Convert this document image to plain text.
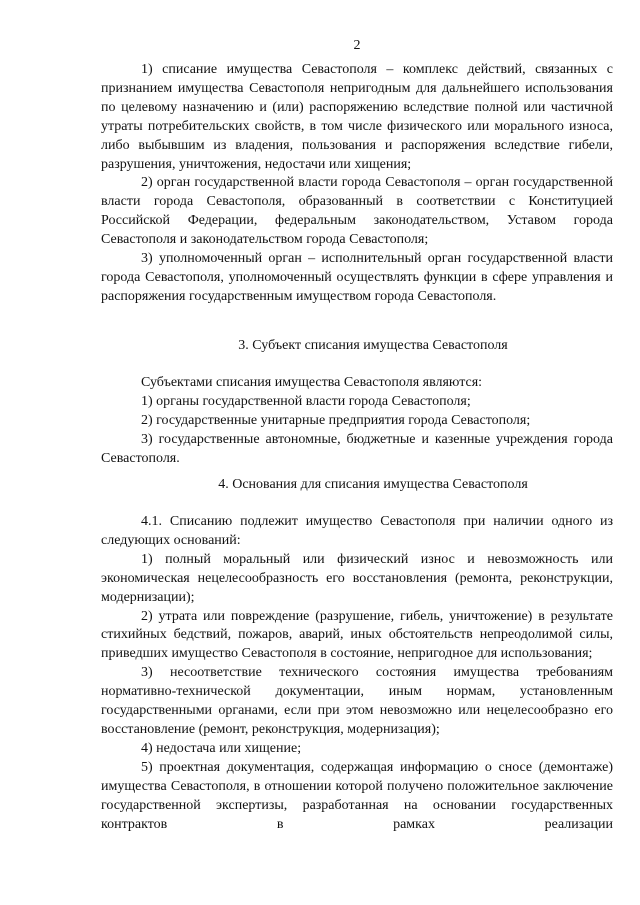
2

1) списание имущества Севастополя – комплекс действий, связанных с признанием имущества Севастополя непригодным для дальнейшего использования по целевому назначению и (или) распоряжению вследствие полной или частичной утраты потребительских свойств, в том числе физического или морального износа, либо выбывшим из владения, пользования и распоряжения вследствие гибели, разрушения, уничтожения, недостачи или хищения;

2) орган государственной власти города Севастополя – орган государственной власти города Севастополя, образованный в соответствии с Конституцией Российской Федерации, федеральным законодательством, Уставом города Севастополя и законодательством города Севастополя;

3) уполномоченный орган – исполнительный орган государственной власти города Севастополя, уполномоченный осуществлять функции в сфере управления и распоряжения государственным имуществом города Севастополя.

3. Субъект списания имущества Севастополя

Субъектами списания имущества Севастополя являются:

1) органы государственной власти города Севастополя;

2) государственные унитарные предприятия города Севастополя;

3) государственные автономные, бюджетные и казенные учреждения города Севастополя.

4. Основания для списания имущества Севастополя

4.1. Списанию подлежит имущество Севастополя при наличии одного из следующих оснований:

1) полный моральный или физический износ и невозможность или экономическая нецелесообразность его восстановления (ремонта, реконструкции, модернизации);

2) утрата или повреждение (разрушение, гибель, уничтожение) в результате стихийных бедствий, пожаров, аварий, иных обстоятельств непреодолимой силы, приведших имущество Севастополя в состояние, непригодное для использования;

3) несоответствие технического состояния имущества требованиям нормативно-технической документации, иным нормам, установленным государственными органами, если при этом невозможно или нецелесообразно его восстановление (ремонт, реконструкция, модернизация);

4) недостача или хищение;

5) проектная документация, содержащая информацию о сносе (демонтаже) имущества Севастополя, в отношении которой получено положительное заключение государственной экспертизы, разработанная на основании государственных контрактов в рамках реализации
